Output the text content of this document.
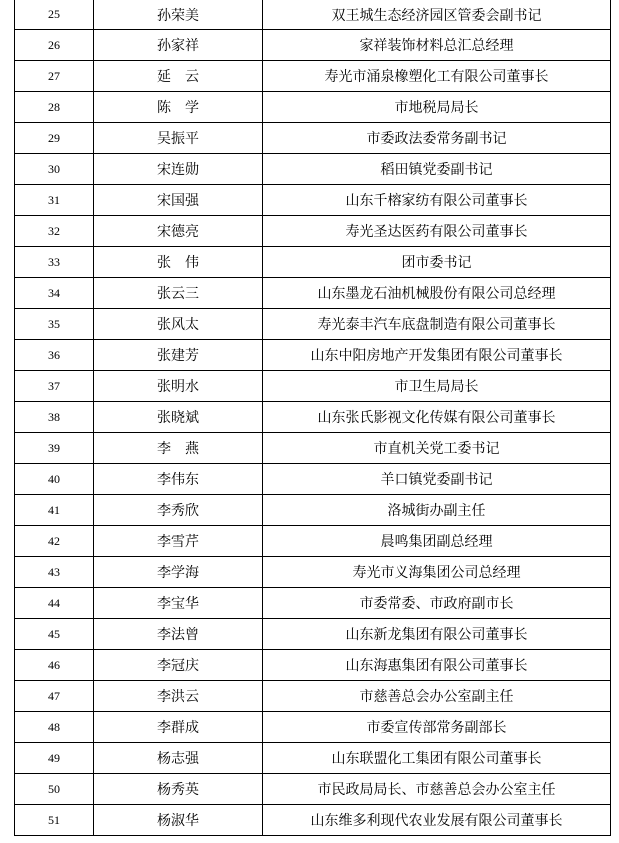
25	孙荣美	双王城生态经济园区管委会副书记
26	孙家祥	家祥装饰材料总汇总经理
27	延　云	寿光市涌泉橡塑化工有限公司董事长
28	陈　学	市地税局局长
29	吴振平	市委政法委常务副书记
30	宋连勋	稻田镇党委副书记
31	宋国强	山东千榕家纺有限公司董事长
32	宋德亮	寿光圣达医药有限公司董事长
33	张　伟	团市委书记
34	张云三	山东墨龙石油机械股份有限公司总经理
35	张风太	寿光泰丰汽车底盘制造有限公司董事长
36	张建芳	山东中阳房地产开发集团有限公司董事长
37	张明水	市卫生局局长
38	张晓斌	山东张氏影视文化传媒有限公司董事长
39	李　燕	市直机关党工委书记
40	李伟东	羊口镇党委副书记
41	李秀欣	洛城街办副主任
42	李雪芹	晨鸣集团副总经理
43	李学海	寿光市义海集团公司总经理
44	李宝华	市委常委、市政府副市长
45	李法曾	山东新龙集团有限公司董事长
46	李冠庆	山东海惠集团有限公司董事长
47	李洪云	市慈善总会办公室副主任
48	李群成	市委宣传部常务副部长
49	杨志强	山东联盟化工集团有限公司董事长
50	杨秀英	市民政局局长、市慈善总会办公室主任
51	杨淑华	山东维多利现代农业发展有限公司董事长
